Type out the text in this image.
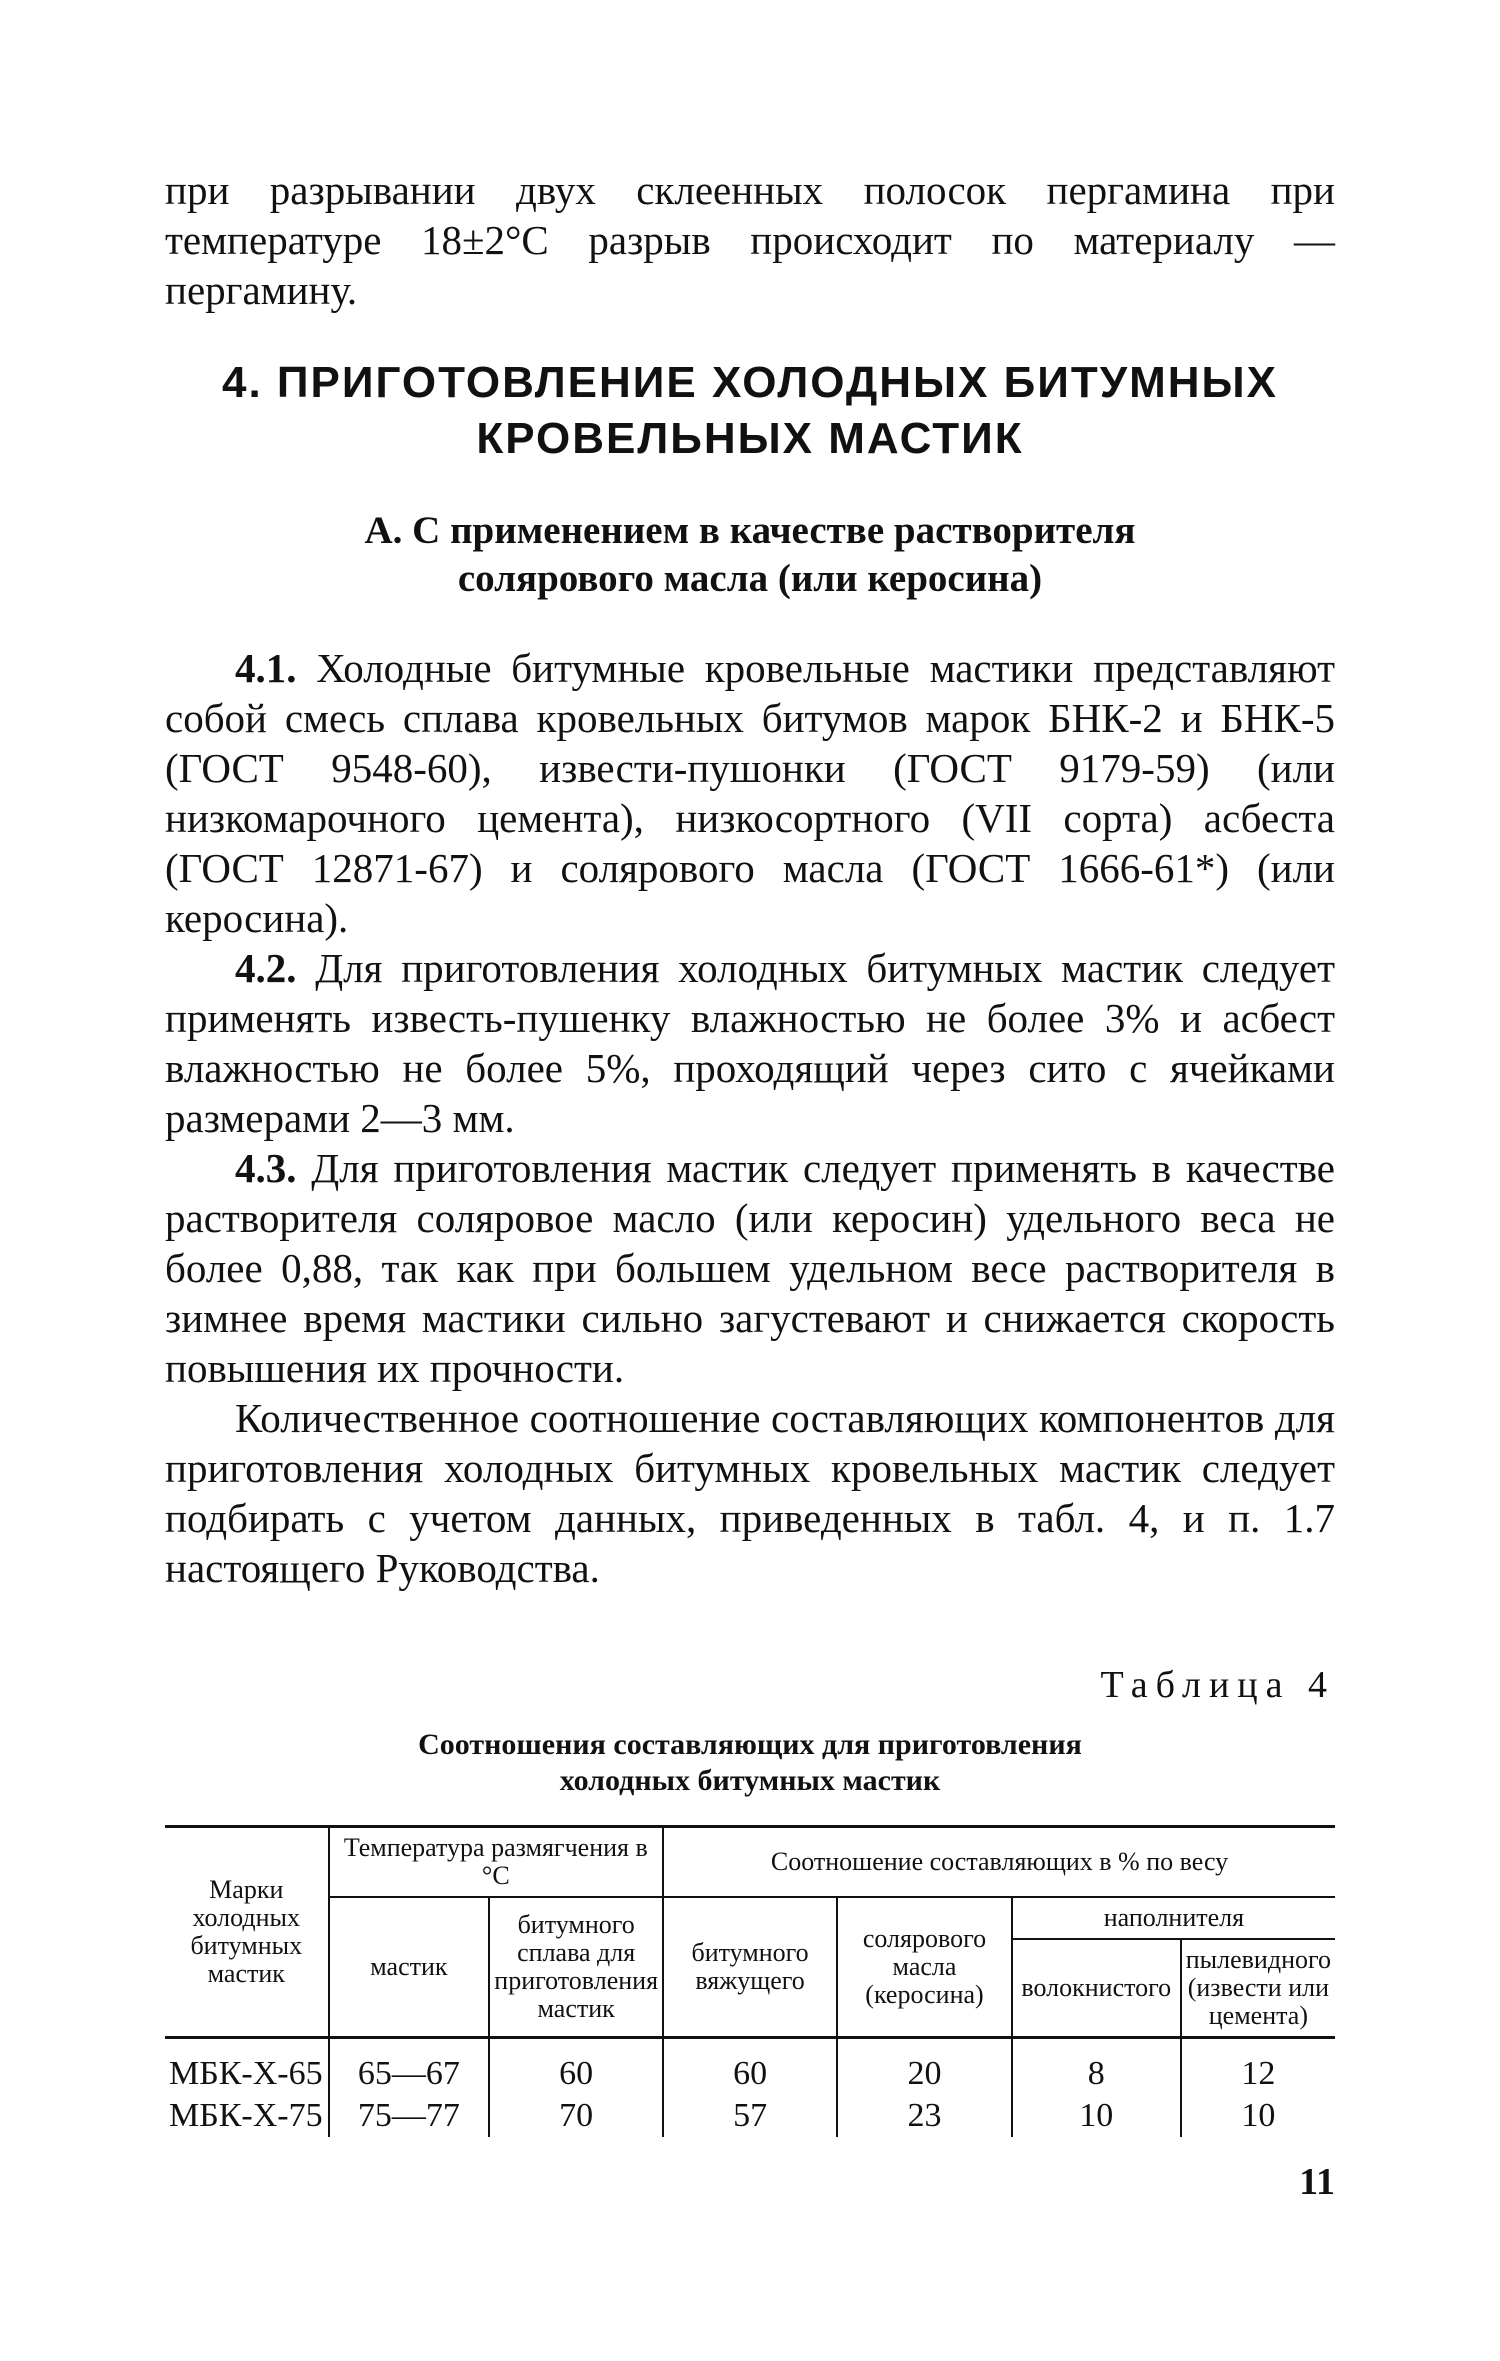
при разрывании двух склеенных полосок пергамина при температуре 18±2°С разрыв происходит по материалу — пергамину.

4. ПРИГОТОВЛЕНИЕ ХОЛОДНЫХ БИТУМНЫХ
КРОВЕЛЬНЫХ МАСТИК
А. С применением в качестве растворителя
солярового масла (или керосина)

4.1. Холодные битумные кровельные мастики представляют собой смесь сплава кровельных битумов марок БНК-2 и БНК-5 (ГОСТ 9548-60), извести-пушонки (ГОСТ 9179-59) (или низкомарочного цемента), низкосортного (VII сорта) асбеста (ГОСТ 12871-67) и солярового масла (ГОСТ 1666-61*) (или керосина).

4.2. Для приготовления холодных битумных мастик следует применять известь-пушенку влажностью не более 3% и асбест влажностью не более 5%, проходящий через сито с ячейками размерами 2—3 мм.

4.3. Для приготовления мастик следует применять в качестве растворителя соляровое масло (или керосин) удельного веса не более 0,88, так как при большем удельном весе растворителя в зимнее время мастики сильно загустевают и снижается скорость повышения их прочности.

Количественное соотношение составляющих компонентов для приготовления холодных битумных кровельных мастик следует подбирать с учетом данных, приведенных в табл. 4, и п. 1.7 настоящего Руководства.

Таблица 4
Соотношения составляющих для приготовления
холодных битумных мастик
Марки холодных битумных мастик	Температура размягчения в °С		Соотношение составляющих в % по весу			
	мастик	битумного сплава для приготовления мастик	битумного вяжущего	солярового масла (керосина)	наполнителя	
					волокнистого	пылевидного (извести или цемента)
МБК-Х-65	65—67	60	60	20	8	12
МБК-Х-75	75—77	70	57	23	10	10
11
